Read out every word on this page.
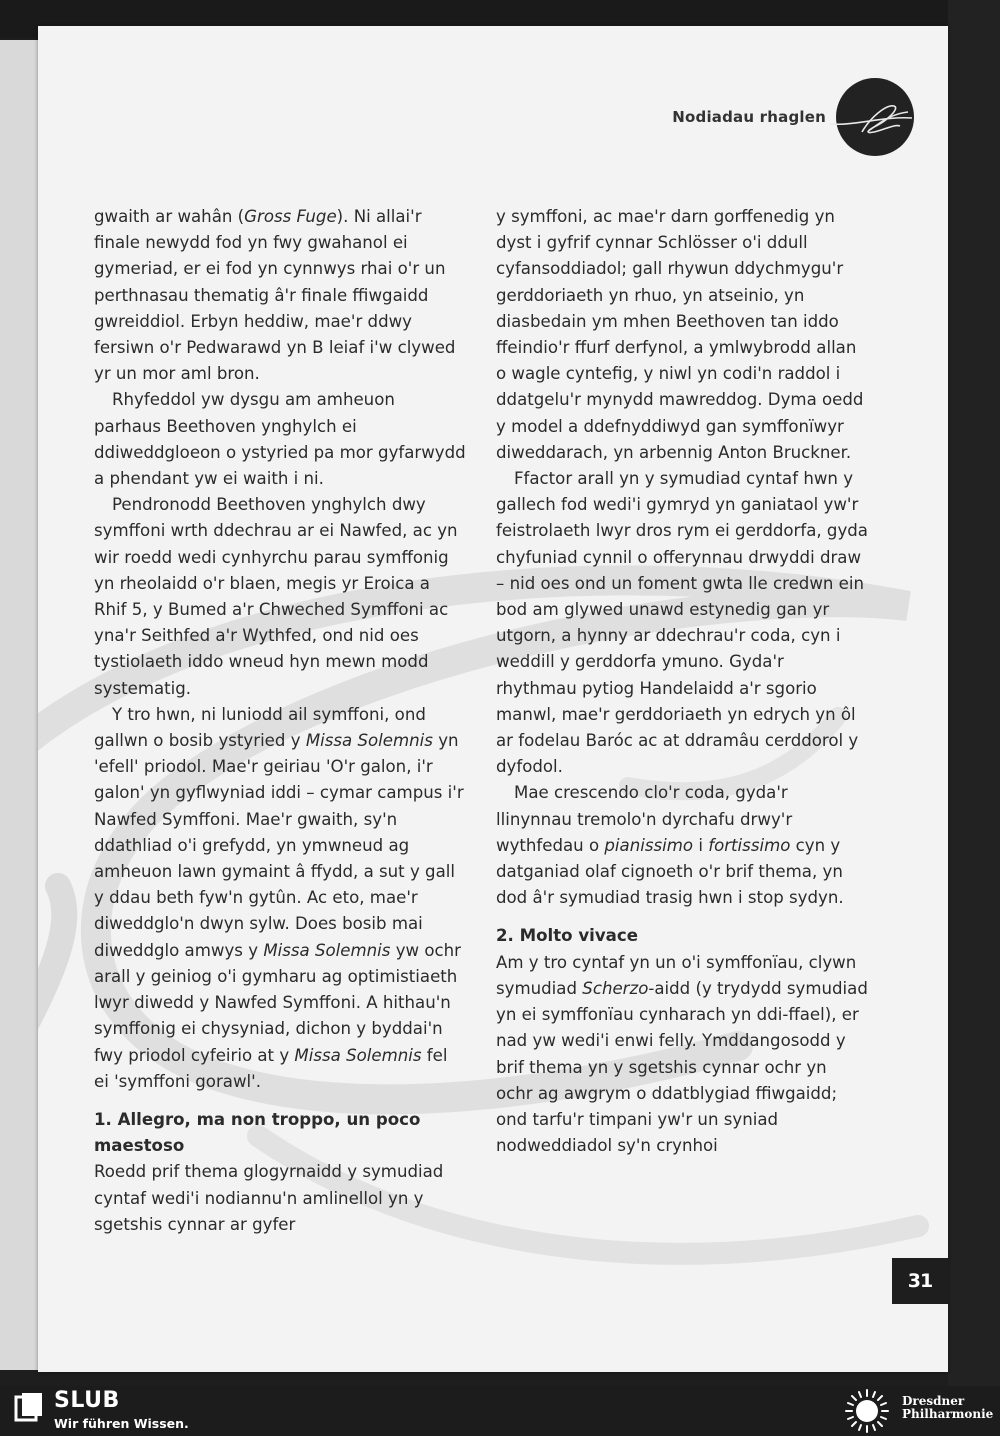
Nodiadau rhaglen

gwaith ar wahân (Gross Fuge). Ni allai'r finale newydd fod yn fwy gwahanol ei gymeriad, er ei fod yn cynnwys rhai o'r un perthnasau thematig â'r finale ffiwgaidd gwreiddiol. Erbyn heddiw, mae'r ddwy fersiwn o'r Pedwarawd yn B leiaf i'w clywed yr un mor aml bron.

Rhyfeddol yw dysgu am amheuon parhaus Beethoven ynghylch ei ddiweddgloeon o ystyried pa mor gyfarwydd a phendant yw ei waith i ni.

Pendronodd Beethoven ynghylch dwy symffoni wrth ddechrau ar ei Nawfed, ac yn wir roedd wedi cynhyrchu parau symffonig yn rheolaidd o'r blaen, megis yr Eroica a Rhif 5, y Bumed a'r Chweched Symffoni ac yna'r Seithfed a'r Wythfed, ond nid oes tystiolaeth iddo wneud hyn mewn modd systematig.

Y tro hwn, ni luniodd ail symffoni, ond gallwn o bosib ystyried y Missa Solemnis yn 'efell' priodol. Mae'r geiriau 'O'r galon, i'r galon' yn gyflwyniad iddi – cymar campus i'r Nawfed Symffoni. Mae'r gwaith, sy'n ddathliad o'i grefydd, yn ymwneud ag amheuon lawn gymaint â ffydd, a sut y gall y ddau beth fyw'n gytûn. Ac eto, mae'r diweddglo'n dwyn sylw. Does bosib mai diweddglo amwys y Missa Solemnis yw ochr arall y geiniog o'i gymharu ag optimistiaeth lwyr diwedd y Nawfed Symffoni. A hithau'n symffonig ei chysyniad, dichon y byddai'n fwy priodol cyfeirio at y Missa Solemnis fel ei 'symffoni gorawl'.

1. Allegro, ma non troppo, un poco maestoso

Roedd prif thema glogyrnaidd y symudiad cyntaf wedi'i nodiannu'n amlinellol yn y sgetshis cynnar ar gyfer

y symffoni, ac mae'r darn gorffenedig yn dyst i gyfrif cynnar Schlösser o'i ddull cyfansoddiadol; gall rhywun ddychmygu'r gerddoriaeth yn rhuo, yn atseinio, yn diasbedain ym mhen Beethoven tan iddo ffeindio'r ffurf derfynol, a ymlwybrodd allan o wagle cyntefig, y niwl yn codi'n raddol i ddatgelu'r mynydd mawreddog. Dyma oedd y model a ddefnyddiwyd gan symffonïwyr diweddarach, yn arbennig Anton Bruckner.

Ffactor arall yn y symudiad cyntaf hwn y gallech fod wedi'i gymryd yn ganiataol yw'r feistrolaeth lwyr dros rym ei gerddorfa, gyda chyfuniad cynnil o offerynnau drwyddi draw – nid oes ond un foment gwta lle credwn ein bod am glywed unawd estynedig gan yr utgorn, a hynny ar ddechrau'r coda, cyn i weddill y gerddorfa ymuno. Gyda'r rhythmau pytiog Handelaidd a'r sgorio manwl, mae'r gerddoriaeth yn edrych yn ôl ar fodelau Baróc ac at ddramâu cerddorol y dyfodol.

Mae crescendo clo'r coda, gyda'r llinynnau tremolo'n dyrchafu drwy'r wythfedau o pianissimo i fortissimo cyn y datganiad olaf cignoeth o'r brif thema, yn dod â'r symudiad trasig hwn i stop sydyn.

2. Molto vivace

Am y tro cyntaf yn un o'i symffonïau, clywn symudiad Scherzo-aidd (y trydydd symudiad yn ei symffonïau cynharach yn ddi-ffael), er nad yw wedi'i enwi felly. Ymddangosodd y brif thema yn y sgetshis cynnar ochr yn ochr ag awgrym o ddatblygiad ffiwgaidd; ond tarfu'r timpani yw'r un syniad nodweddiadol sy'n crynhoi

31
SLUB
Wir führen Wissen.
Dresdner
Philharmonie
